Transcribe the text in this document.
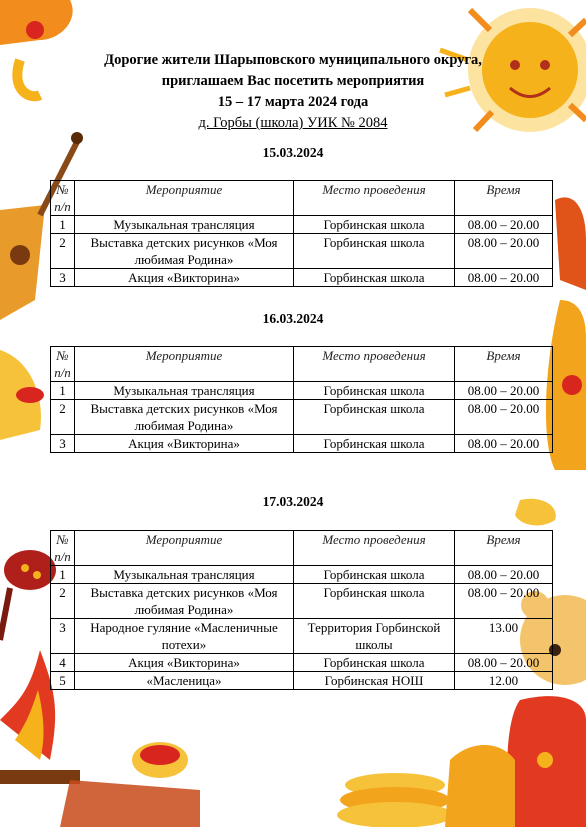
Дорогие жители Шарыповского муниципального округа,
приглашаем Вас посетить мероприятия
15 – 17 марта 2024 года
д. Горбы (школа) УИК № 2084
15.03.2024
№ п/п	Мероприятие	Место проведения	Время
1	Музыкальная трансляция	Горбинская школа	08.00 – 20.00
2	Выставка детских рисунков «Моя любимая Родина»	Горбинская школа	08.00 – 20.00
3	Акция «Викторина»	Горбинская школа	08.00 – 20.00
16.03.2024
№ п/п	Мероприятие	Место проведения	Время
1	Музыкальная трансляция	Горбинская школа	08.00 – 20.00
2	Выставка детских рисунков «Моя любимая Родина»	Горбинская школа	08.00 – 20.00
3	Акция «Викторина»	Горбинская школа	08.00 – 20.00
17.03.2024
№ п/п	Мероприятие	Место проведения	Время
1	Музыкальная трансляция	Горбинская школа	08.00 – 20.00
2	Выставка детских рисунков «Моя любимая Родина»	Горбинская школа	08.00 – 20.00
3	Народное гуляние «Масленичные потехи»	Территория Горбинской школы	13.00
4	Акция «Викторина»	Горбинская школа	08.00 – 20.00
5	«Масленица»	Горбинская НОШ	12.00
